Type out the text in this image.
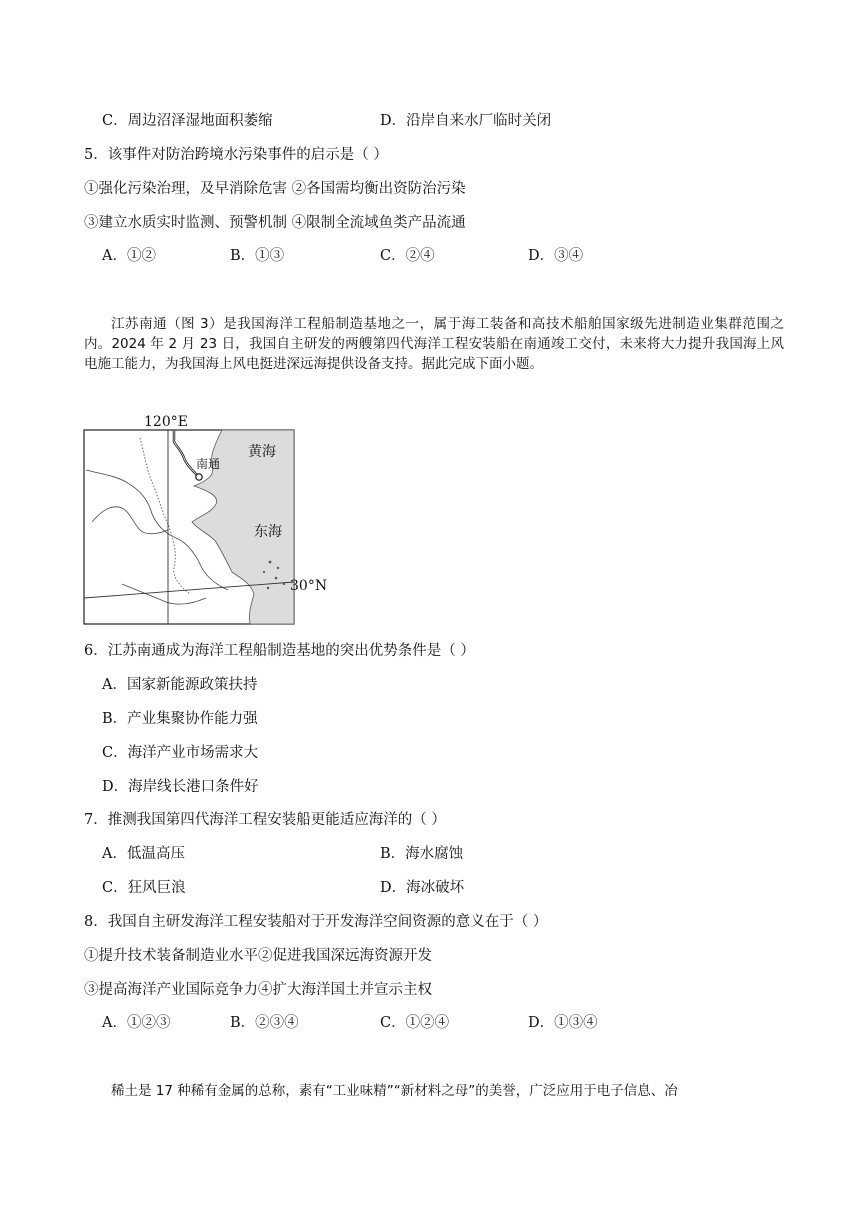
C．周边沼泽湿地面积萎缩	D．沿岸自来水厂临时关闭
5．该事件对防治跨境水污染事件的启示是（ ）
①强化污染治理，及早消除危害 ②各国需均衡出资防治污染
③建立水质实时监测、预警机制 ④限制全流域鱼类产品流通
A．①②	B．①③	C．②④	D．③④

江苏南通（图 3）是我国海洋工程船制造基地之一，属于海工装备和高技术船舶国家级先进制造业集群范围之内。2024 年 2 月 23 日，我国自主研发的两艘第四代海洋工程安装船在南通竣工交付，未来将大力提升我国海上风电施工能力，为我国海上风电挺进深远海提供设备支持。据此完成下面小题。

120°E
南通
黄海
东海
30°N
6．江苏南通成为海洋工程船制造基地的突出优势条件是（ ）
A．国家新能源政策扶持
B．产业集聚协作能力强
C．海洋产业市场需求大
D．海岸线长港口条件好
7．推测我国第四代海洋工程安装船更能适应海洋的（ ）
A．低温高压	B．海水腐蚀
C．狂风巨浪	D．海冰破坏
8．我国自主研发海洋工程安装船对于开发海洋空间资源的意义在于（ ）
①提升技术装备制造业水平②促进我国深远海资源开发
③提高海洋产业国际竞争力④扩大海洋国土并宣示主权
A．①②③	B．②③④	C．①②④	D．①③④

稀土是 17 种稀有金属的总称，素有“工业味精”“新材料之母”的美誉，广泛应用于电子信息、冶
